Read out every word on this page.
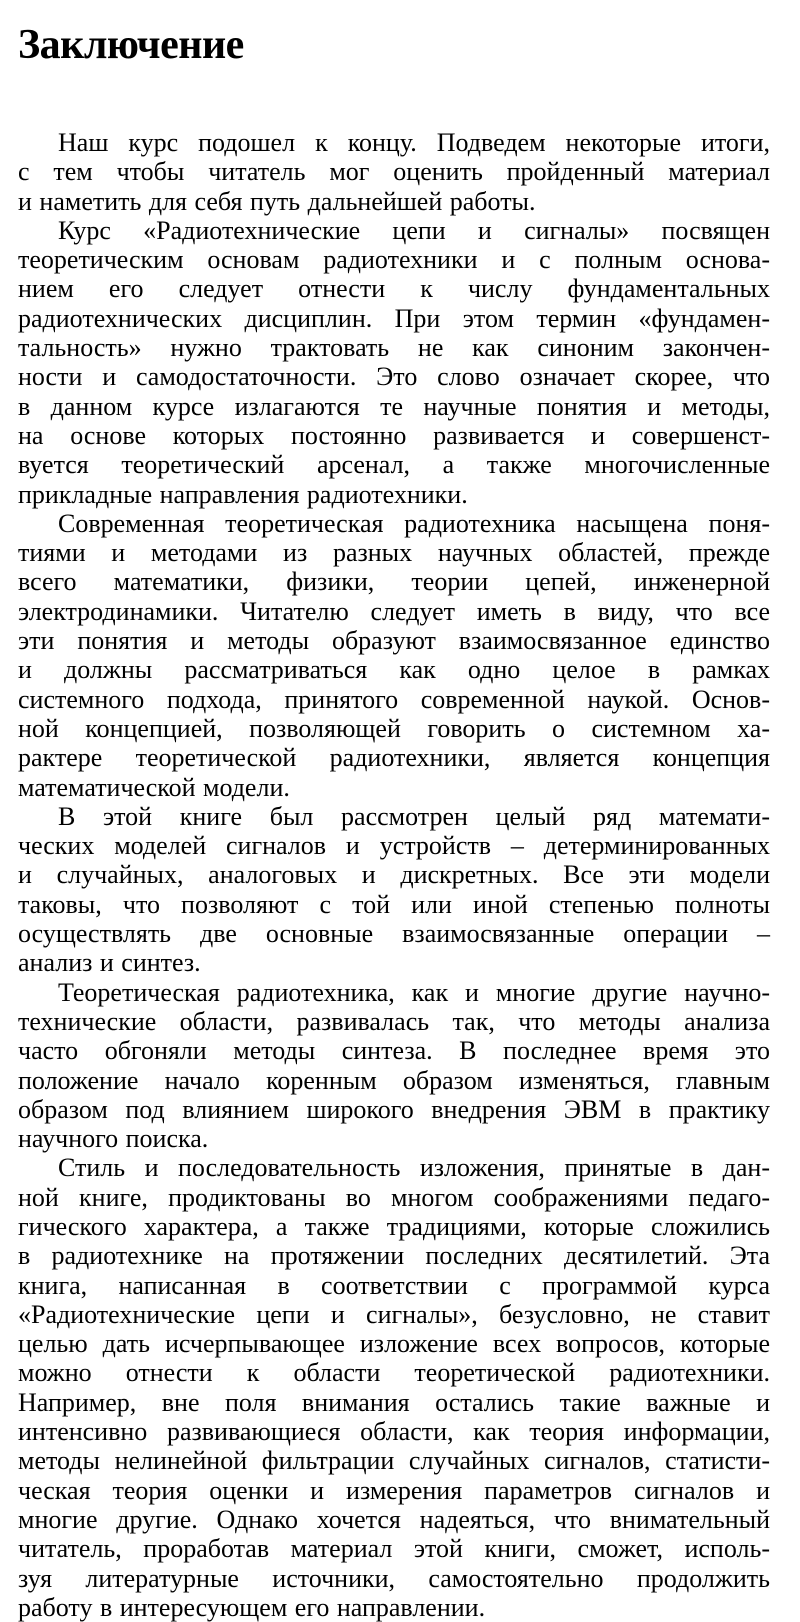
Заключение
Наш курс подошел к концу. Подведем некоторые итоги,
с тем чтобы читатель мог оценить пройденный материал
и наметить для себя путь дальнейшей работы.
Курс «Радиотехнические цепи и сигналы» посвящен
теоретическим основам радиотехники и с полным основа-
нием его следует отнести к числу фундаментальных
радиотехнических дисциплин. При этом термин «фундамен-
тальность» нужно трактовать не как синоним закончен-
ности и самодостаточности. Это слово означает скорее, что
в данном курсе излагаются те научные понятия и методы,
на основе которых постоянно развивается и совершенст-
вуется теоретический арсенал, а также многочисленные
прикладные направления радиотехники.
Современная теоретическая радиотехника насыщена поня-
тиями и методами из разных научных областей, прежде
всего математики, физики, теории цепей, инженерной
электродинамики. Читателю следует иметь в виду, что все
эти понятия и методы образуют взаимосвязанное единство
и должны рассматриваться как одно целое в рамках
системного подхода, принятого современной наукой. Основ-
ной концепцией, позволяющей говорить о системном ха-
рактере теоретической радиотехники, является концепция
математической модели.
В этой книге был рассмотрен целый ряд математи-
ческих моделей сигналов и устройств – детерминированных
и случайных, аналоговых и дискретных. Все эти модели
таковы, что позволяют с той или иной степенью полноты
осуществлять две основные взаимосвязанные операции –
анализ и синтез.
Теоретическая радиотехника, как и многие другие научно-
технические области, развивалась так, что методы анализа
часто обгоняли методы синтеза. В последнее время это
положение начало коренным образом изменяться, главным
образом под влиянием широкого внедрения ЭВМ в практику
научного поиска.
Стиль и последовательность изложения, принятые в дан-
ной книге, продиктованы во многом соображениями педаго-
гического характера, а также традициями, которые сложились
в радиотехнике на протяжении последних десятилетий. Эта
книга, написанная в соответствии с программой курса
«Радиотехнические цепи и сигналы», безусловно, не ставит
целью дать исчерпывающее изложение всех вопросов, которые
можно отнести к области теоретической радиотехники.
Например, вне поля внимания остались такие важные и
интенсивно развивающиеся области, как теория информации,
методы нелинейной фильтрации случайных сигналов, статисти-
ческая теория оценки и измерения параметров сигналов и
многие другие. Однако хочется надеяться, что внимательный
читатель, проработав материал этой книги, сможет, исполь-
зуя литературные источники, самостоятельно продолжить
работу в интересующем его направлении.
